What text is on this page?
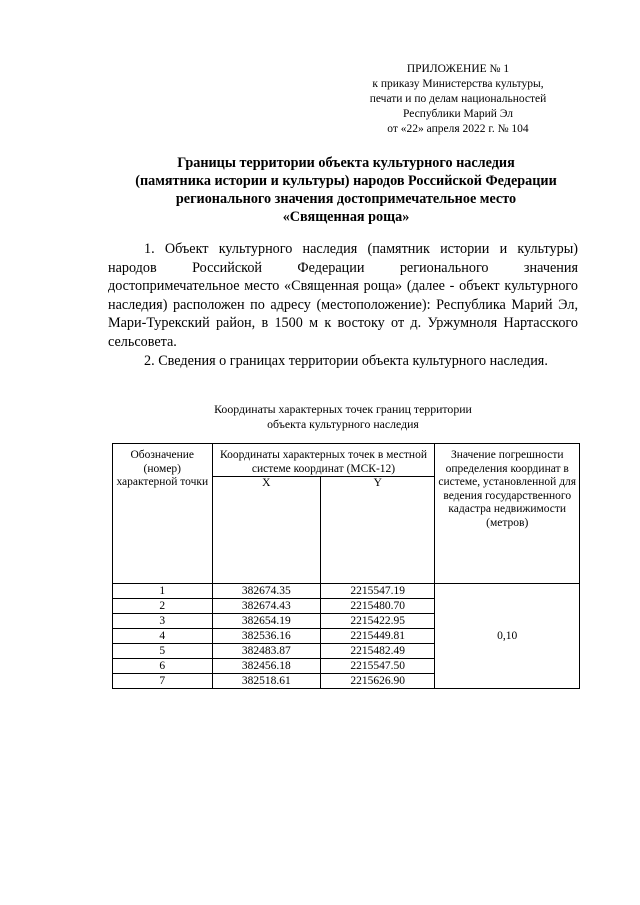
ПРИЛОЖЕНИЕ № 1
к приказу Министерства культуры,
печати и по делам национальностей
Республики Марий Эл
от «22» апреля 2022 г. № 104
Границы территории объекта культурного наследия
(памятника истории и культуры) народов Российской Федерации
регионального значения достопримечательное место
«Священная роща»

1. Объект культурного наследия (памятник истории и культуры) народов Российской Федерации регионального значения достопримечательное место «Священная роща» (далее - объект культурного наследия) расположен по адресу (местоположение): Республика Марий Эл, Мари-Турекский район, в 1500 м к востоку от д. Уржумноля Нартасского сельсовета.

2. Сведения о границах территории объекта культурного наследия.

Координаты характерных точек границ территории
объекта культурного наследия
Обозначение (номер) характерной точки	Координаты характерных точек в местной системе координат (МСК-12)		Значение погрешности определения координат в системе, установленной для ведения государственного кадастра недвижимости (метров)
	X	Y	
1	382674.35	2215547.19	0,10
2	382674.43	2215480.70	
3	382654.19	2215422.95	
4	382536.16	2215449.81	
5	382483.87	2215482.49	
6	382456.18	2215547.50	
7	382518.61	2215626.90	
